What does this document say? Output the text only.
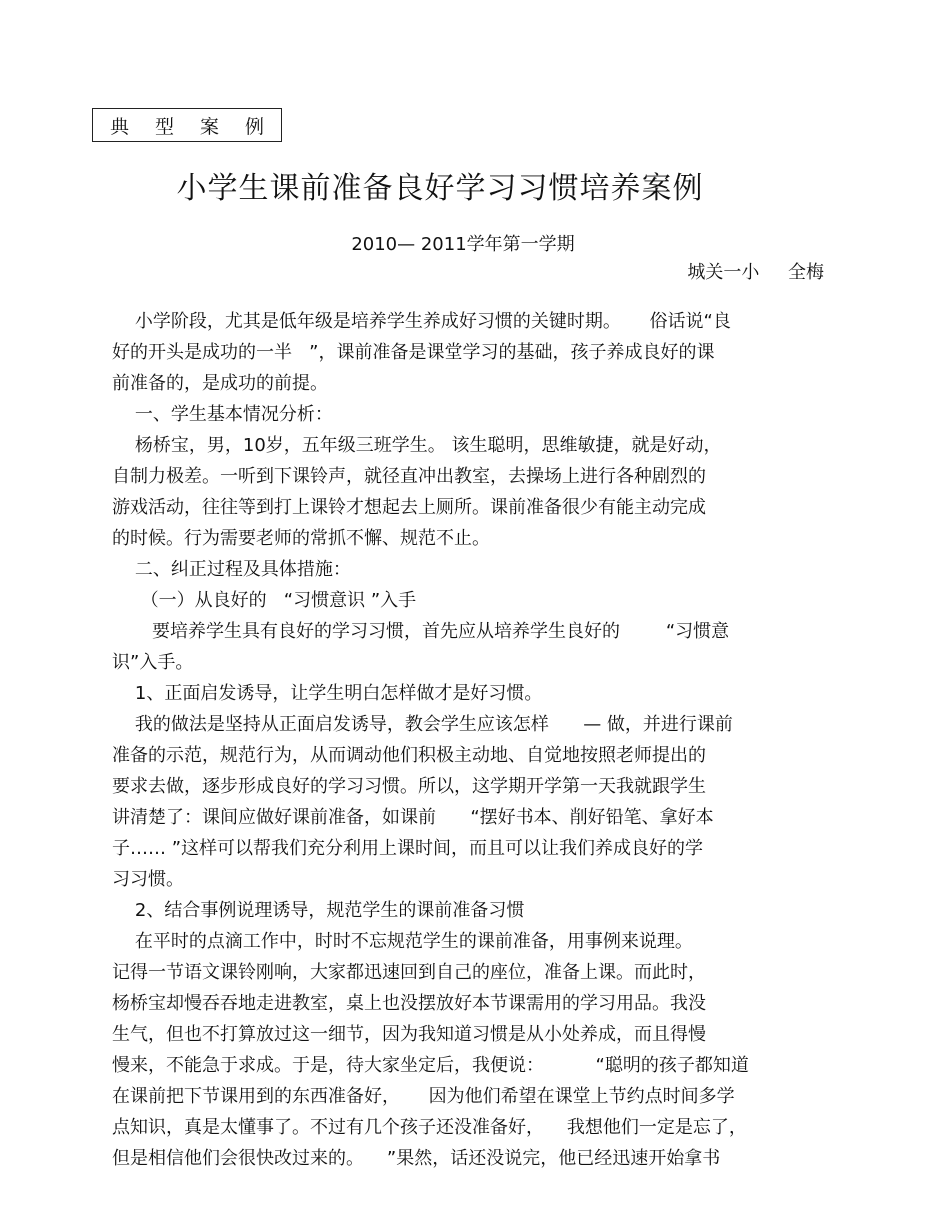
典 型 案 例
小学生课前准备良好学习习惯培养案例
2010— 2011学年第一学期
城关一小     全梅
小学阶段，尤其是低年级是培养学生养成好习惯的关键时期。     俗话说“良
好的开头是成功的一半   ”，课前准备是课堂学习的基础，孩子养成良好的课
前准备的，是成功的前提。
一、学生基本情况分析：
杨桥宝，男，10岁，五年级三班学生。 该生聪明，思维敏捷，就是好动，
自制力极差。一听到下课铃声，就径直冲出教室，去操场上进行各种剧烈的
游戏活动，往往等到打上课铃才想起去上厕所。课前准备很少有能主动完成
的时候。行为需要老师的常抓不懈、规范不止。
二、纠正过程及具体措施：
（一）从良好的   “习惯意识 ”入手
要培养学生具有良好的学习习惯，首先应从培养学生良好的        “习惯意
识”入手。
1、正面启发诱导，让学生明白怎样做才是好习惯。
我的做法是坚持从正面启发诱导，教会学生应该怎样      — 做，并进行课前
准备的示范，规范行为，从而调动他们积极主动地、自觉地按照老师提出的
要求去做，逐步形成良好的学习习惯。所以，这学期开学第一天我就跟学生
讲清楚了：课间应做好课前准备，如课前      “摆好书本、削好铅笔、拿好本
子…… ”这样可以帮我们充分利用上课时间，而且可以让我们养成良好的学
习习惯。
2、结合事例说理诱导，规范学生的课前准备习惯
在平时的点滴工作中，时时不忘规范学生的课前准备，用事例来说理。
记得一节语文课铃刚响，大家都迅速回到自己的座位，准备上课。而此时，
杨桥宝却慢吞吞地走进教室，桌上也没摆放好本节课需用的学习用品。我没
生气，但也不打算放过这一细节，因为我知道习惯是从小处养成，而且得慢
慢来，不能急于求成。于是，待大家坐定后，我便说：         “聪明的孩子都知道
在课前把下节课用到的东西准备好，     因为他们希望在课堂上节约点时间多学
点知识，真是太懂事了。不过有几个孩子还没准备好，    我想他们一定是忘了，
但是相信他们会很快改过来的。    ”果然，话还没说完，他已经迅速开始拿书
